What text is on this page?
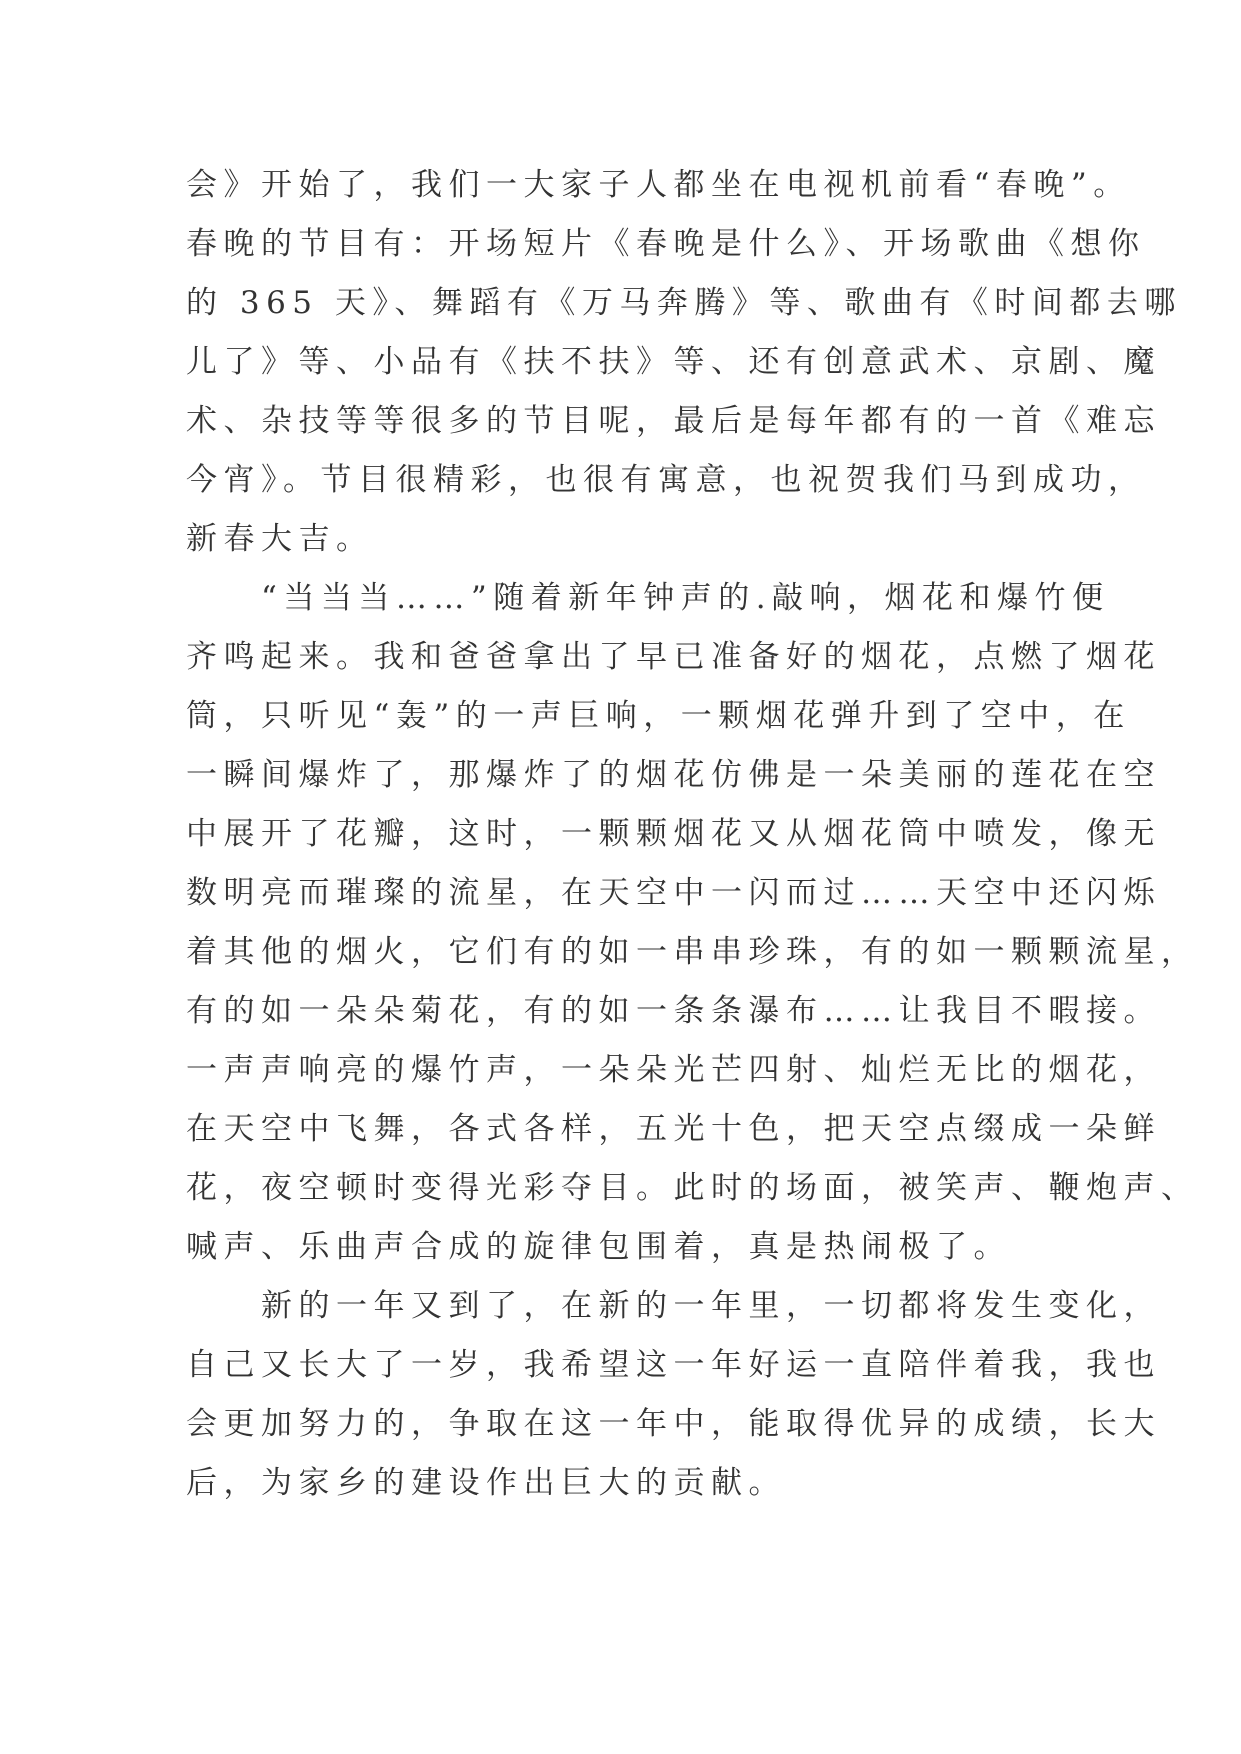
会》开始了，我们一大家子人都坐在电视机前看“春晚”。
春晚的节目有：开场短片《春晚是什么》、开场歌曲《想你
的 365 天》、舞蹈有《万马奔腾》等、歌曲有《时间都去哪
儿了》等、小品有《扶不扶》等、还有创意武术、京剧、魔
术、杂技等等很多的节目呢，最后是每年都有的一首《难忘
今宵》。节目很精彩，也很有寓意，也祝贺我们马到成功，
新春大吉。
　　“当当当……”随着新年钟声的.敲响，烟花和爆竹便
齐鸣起来。我和爸爸拿出了早已准备好的烟花，点燃了烟花
筒，只听见“轰”的一声巨响，一颗烟花弹升到了空中，在
一瞬间爆炸了，那爆炸了的烟花仿佛是一朵美丽的莲花在空
中展开了花瓣，这时，一颗颗烟花又从烟花筒中喷发，像无
数明亮而璀璨的流星，在天空中一闪而过……天空中还闪烁
着其他的烟火，它们有的如一串串珍珠，有的如一颗颗流星，
有的如一朵朵菊花，有的如一条条瀑布……让我目不暇接。
一声声响亮的爆竹声，一朵朵光芒四射、灿烂无比的烟花，
在天空中飞舞，各式各样，五光十色，把天空点缀成一朵鲜
花，夜空顿时变得光彩夺目。此时的场面，被笑声、鞭炮声、
喊声、乐曲声合成的旋律包围着，真是热闹极了。
　　新的一年又到了，在新的一年里，一切都将发生变化，
自己又长大了一岁，我希望这一年好运一直陪伴着我，我也
会更加努力的，争取在这一年中，能取得优异的成绩，长大
后，为家乡的建设作出巨大的贡献。
